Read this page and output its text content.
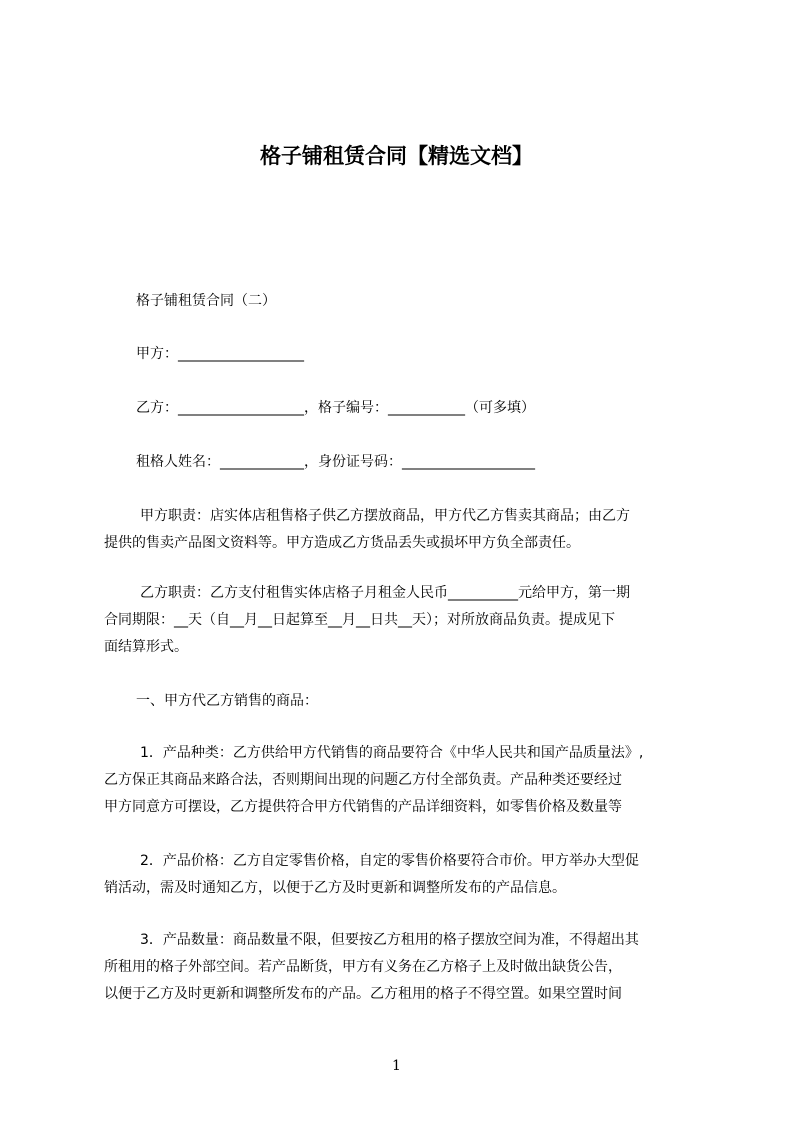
格子铺租赁合同【精选文档】
格子铺租赁合同（二）
甲方：__________________
乙方：__________________，格子编号：___________（可多填）
租格人姓名：____________，身份证号码：___________________
甲方职责：店实体店租售格子供乙方摆放商品，甲方代乙方售卖其商品；由乙方
提供的售卖产品图文资料等。甲方造成乙方货品丢失或损坏甲方负全部责任。
乙方职责：乙方支付租售实体店格子月租金人民币__________元给甲方，第一期
合同期限：__天（自__月__日起算至__月__日共__天）；对所放商品负责。提成见下
面结算形式。
一、甲方代乙方销售的商品：
1．产品种类：乙方供给甲方代销售的商品要符合《中华人民共和国产品质量法》,
乙方保正其商品来路合法，否则期间出现的问题乙方付全部负责。产品种类还要经过
甲方同意方可摆设，乙方提供符合甲方代销售的产品详细资料，如零售价格及数量等
2．产品价格：乙方自定零售价格，自定的零售价格要符合市价。甲方举办大型促
销活动，需及时通知乙方，以便于乙方及时更新和调整所发布的产品信息。
3．产品数量：商品数量不限，但要按乙方租用的格子摆放空间为准，不得超出其
所租用的格子外部空间。若产品断货，甲方有义务在乙方格子上及时做出缺货公告，
以便于乙方及时更新和调整所发布的产品。乙方租用的格子不得空置。如果空置时间
1
